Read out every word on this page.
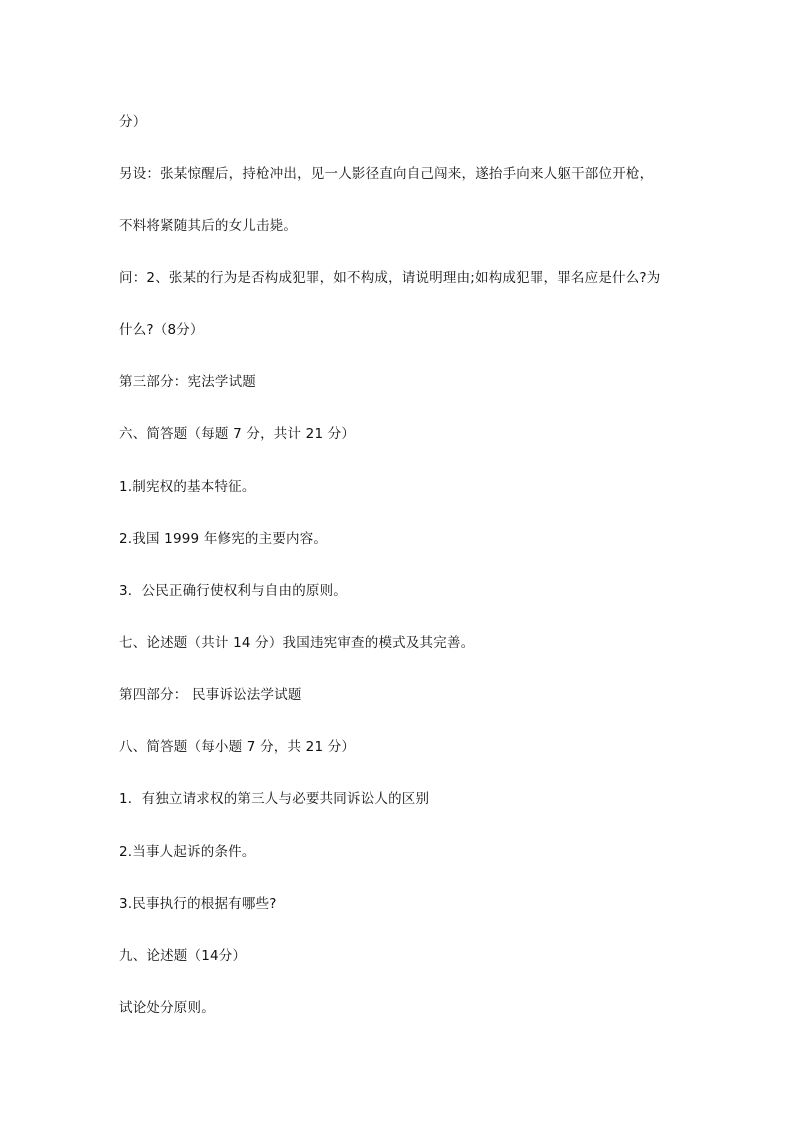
分）
另设：张某惊醒后，持枪冲出，见一人影径直向自己闯来，遂抬手向来人躯干部位开枪，
不料将紧随其后的女儿击毙。
问：2、张某的行为是否构成犯罪，如不构成，请说明理由;如构成犯罪，罪名应是什么?为
什么?（8分）
第三部分：宪法学试题
六、简答题（每题 7 分，共计 21 分）
1.制宪权的基本特征。
2.我国 1999 年修宪的主要内容。
3．公民正确行使权利与自由的原则。
七、论述题（共计 14 分）我国违宪审查的模式及其完善。
第四部分： 民事诉讼法学试题
八、简答题（每小题 7 分，共 21 分）
1．有独立请求权的第三人与必要共同诉讼人的区别
2.当事人起诉的条件。
3.民事执行的根据有哪些?
九、论述题（14分）
试论处分原则。
